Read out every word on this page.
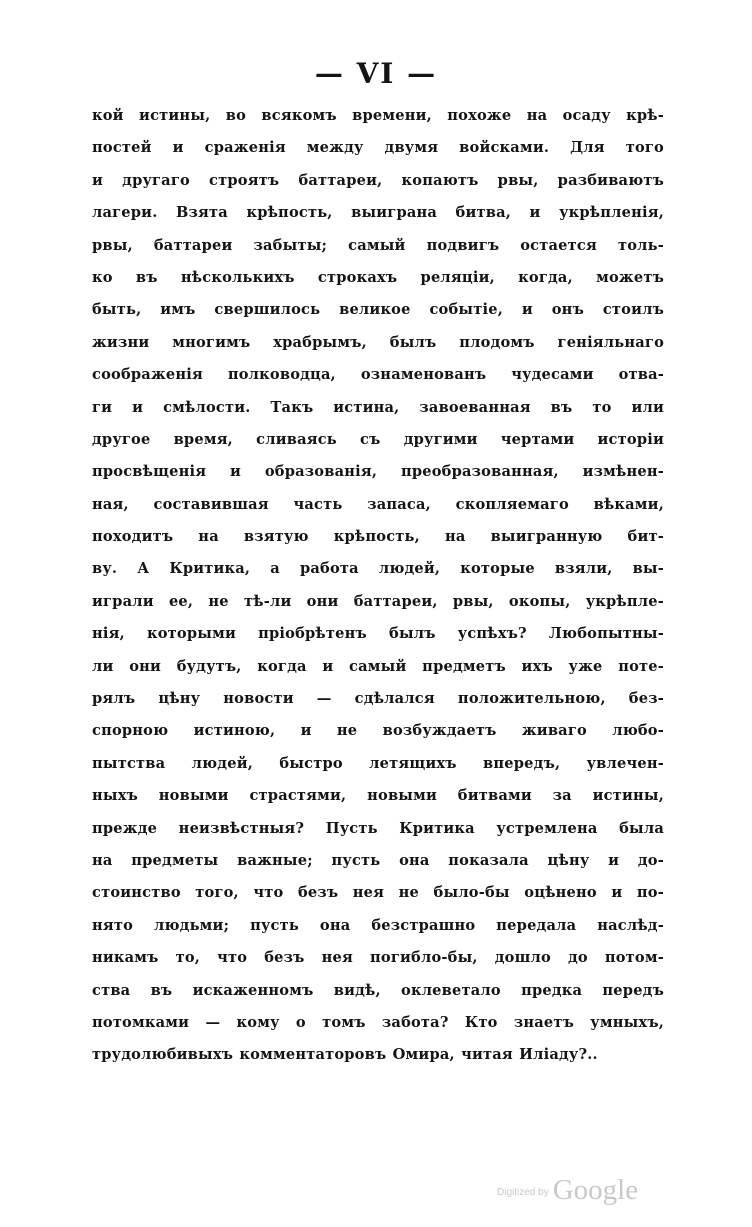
— VI —
кой истины, во всякомъ времени, похоже на осаду крѣ-
постей и сраженія между двумя войсками. Для того
и другаго строятъ баттареи, копаютъ рвы, разбиваютъ
лагери. Взята крѣпость, выиграна битва, и укрѣпленія,
рвы, баттареи забыты; самый подвигъ остается толь-
ко въ нѣсколькихъ строкахъ реляціи, когда, можетъ
быть, имъ свершилось великое событіе, и онъ стоилъ
жизни многимъ храбрымъ, былъ плодомъ геніяльнаго
соображенія полководца, ознаменованъ чудесами отва-
ги и смѣлости. Такъ истина, завоеванная въ то или
другое время, сливаясь съ другими чертами исторіи
просвѣщенія и образованія, преобразованная, измѣнен-
ная, составившая часть запаса, скопляемаго вѣками,
походитъ на взятую крѣпость, на выигранную бит-
ву. А Критика, а работа людей, которые взяли, вы-
играли ее, не тѣ-ли они баттареи, рвы, окопы, укрѣпле-
нія, которыми пріобрѣтенъ былъ успѣхъ? Любопытны-
ли они будутъ, когда и самый предметъ ихъ уже поте-
рялъ цѣну новости — сдѣлался положительною, без-
спорною истиною, и не возбуждаетъ живаго любо-
пытства людей, быстро летящихъ впередъ, увлечен-
ныхъ новыми страстями, новыми битвами за истины,
прежде неизвѣстныя? Пусть Критика устремлена была
на предметы важные; пусть она показала цѣну и до-
стоинство того, что безъ нея не было-бы оцѣнено и по-
нято людьми; пусть она безстрашно передала наслѣд-
никамъ то, что безъ нея погибло-бы, дошло до потом-
ства въ искаженномъ видѣ, оклеветало предка передъ
потомками — кому о томъ забота? Кто знаетъ умныхъ,
трудолюбивыхъ комментаторовъ Омира, читая Иліаду?..
Digitized by Google
